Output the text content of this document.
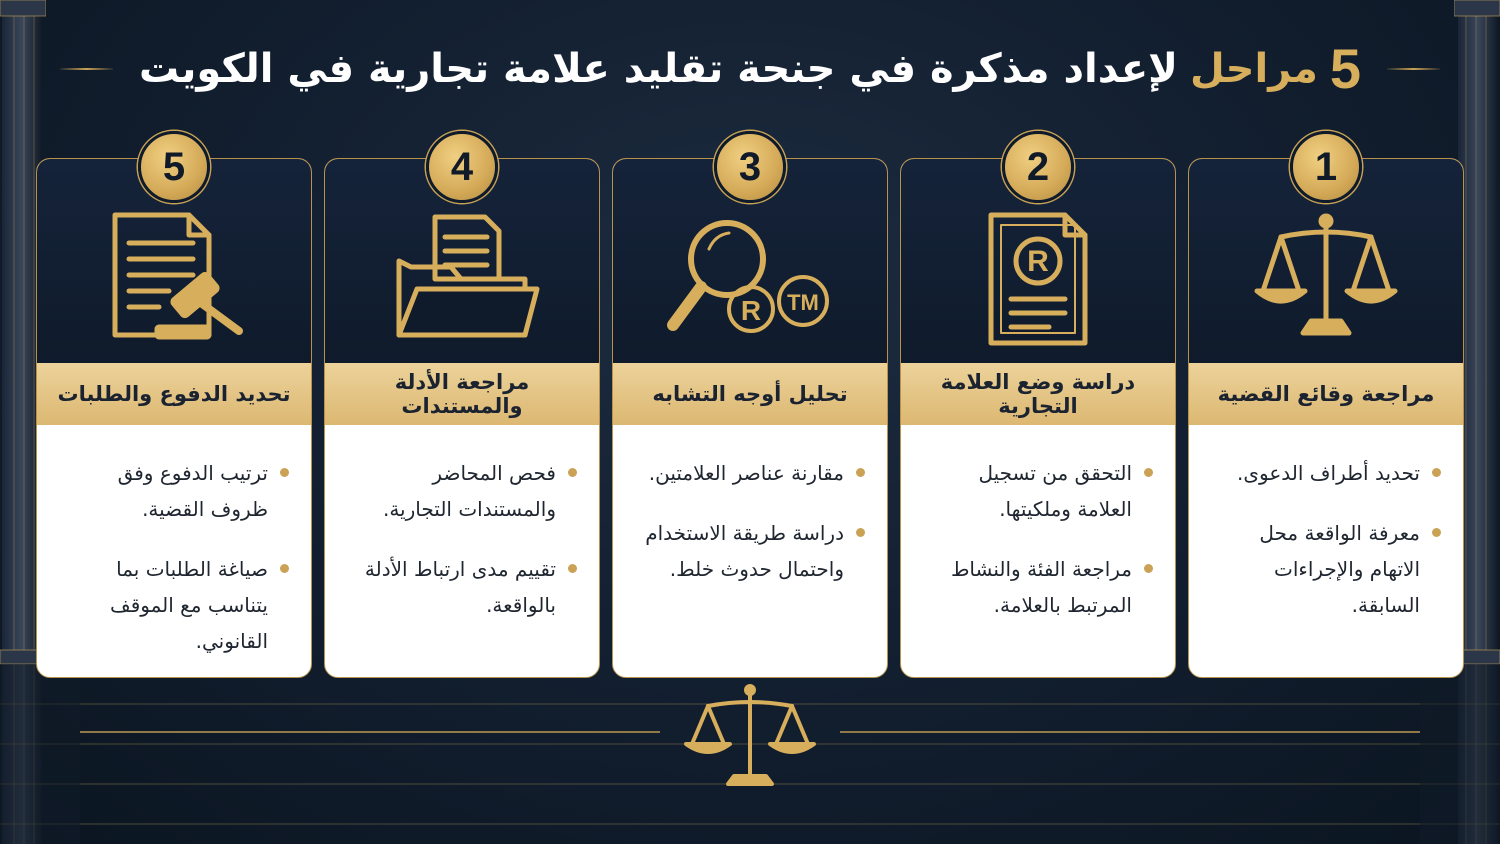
5
مراحل
لإعداد مذكرة في جنحة تقليد علامة تجارية في الكويت
1
مراجعة وقائع القضية
تحديد أطراف الدعوى.
معرفة الواقعة محل الاتهام والإجراءات السابقة.
2
R
دراسة وضع العلامة التجارية
التحقق من تسجيل العلامة وملكيتها.
مراجعة الفئة والنشاط المرتبط بالعلامة.
3
R TM
تحليل أوجه التشابه
مقارنة عناصر العلامتين.
دراسة طريقة الاستخدام واحتمال حدوث خلط.
4
مراجعة الأدلة والمستندات
فحص المحاضر والمستندات التجارية.
تقييم مدى ارتباط الأدلة بالواقعة.
5
تحديد الدفوع والطلبات
ترتيب الدفوع وفق ظروف القضية.
صياغة الطلبات بما يتناسب مع الموقف القانوني.
